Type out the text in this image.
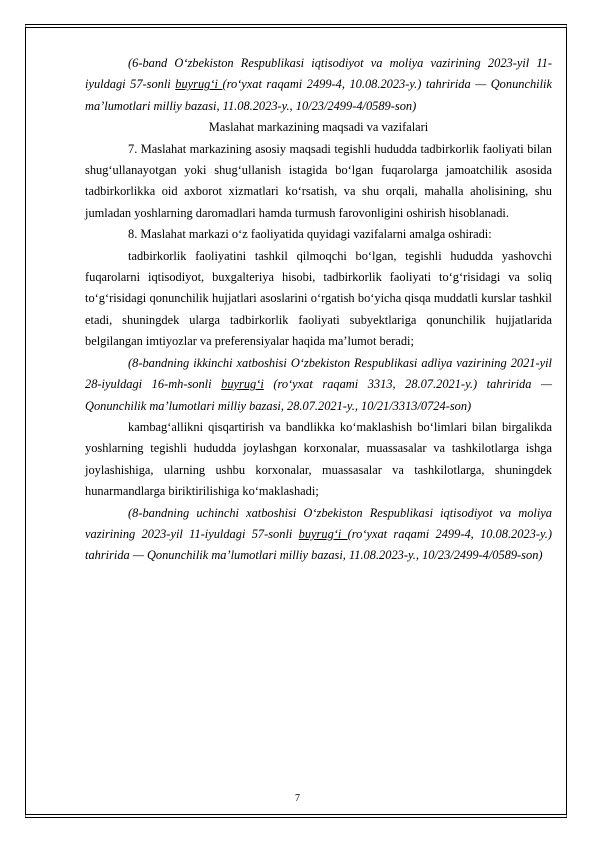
(6-band O‘zbekiston Respublikasi iqtisodiyot va moliya vazirining 2023-yil 11-iyuldagi 57-sonli buyrug‘i (ro‘yxat raqami 2499-4, 10.08.2023-y.) tahririda — Qonunchilik ma’lumotlari milliy bazasi, 11.08.2023-y., 10/23/2499-4/0589-son)

Maslahat markazining maqsadi va vazifalari

7. Maslahat markazining asosiy maqsadi tegishli hududda tadbirkorlik faoliyati bilan shug‘ullanayotgan yoki shug‘ullanish istagida bo‘lgan fuqarolarga jamoatchilik asosida tadbirkorlikka oid axborot xizmatlari ko‘rsatish, va shu orqali, mahalla aholisining, shu jumladan yoshlarning daromadlari hamda turmush farovonligini oshirish hisoblanadi.

8. Maslahat markazi o‘z faoliyatida quyidagi vazifalarni amalga oshiradi:

tadbirkorlik faoliyatini tashkil qilmoqchi bo‘lgan, tegishli hududda yashovchi fuqarolarni iqtisodiyot, buxgalteriya hisobi, tadbirkorlik faoliyati to‘g‘risidagi va soliq to‘g‘risidagi qonunchilik hujjatlari asoslarini o‘rgatish bo‘yicha qisqa muddatli kurslar tashkil etadi, shuningdek ularga tadbirkorlik faoliyati subyektlariga qonunchilik hujjatlarida belgilangan imtiyozlar va preferensiyalar haqida ma’lumot beradi;

(8-bandning ikkinchi xatboshisi O‘zbekiston Respublikasi adliya vazirining 2021-yil 28-iyuldagi 16-mh-sonli buyrug‘i (ro‘yxat raqami 3313, 28.07.2021-y.) tahririda — Qonunchilik ma’lumotlari milliy bazasi, 28.07.2021-y., 10/21/3313/0724-son)

kambag‘allikni qisqartirish va bandlikka ko‘maklashish bo‘limlari bilan birgalikda yoshlarning tegishli hududda joylashgan korxonalar, muassasalar va tashkilotlarga ishga joylashishiga, ularning ushbu korxonalar, muassasalar va tashkilotlarga, shuningdek hunarmandlarga biriktirilishiga ko‘maklashadi;

(8-bandning uchinchi xatboshisi O‘zbekiston Respublikasi iqtisodiyot va moliya vazirining 2023-yil 11-iyuldagi 57-sonli buyrug‘i (ro‘yxat raqami 2499-4, 10.08.2023-y.) tahririda — Qonunchilik ma’lumotlari milliy bazasi, 11.08.2023-y., 10/23/2499-4/0589-son)

7
